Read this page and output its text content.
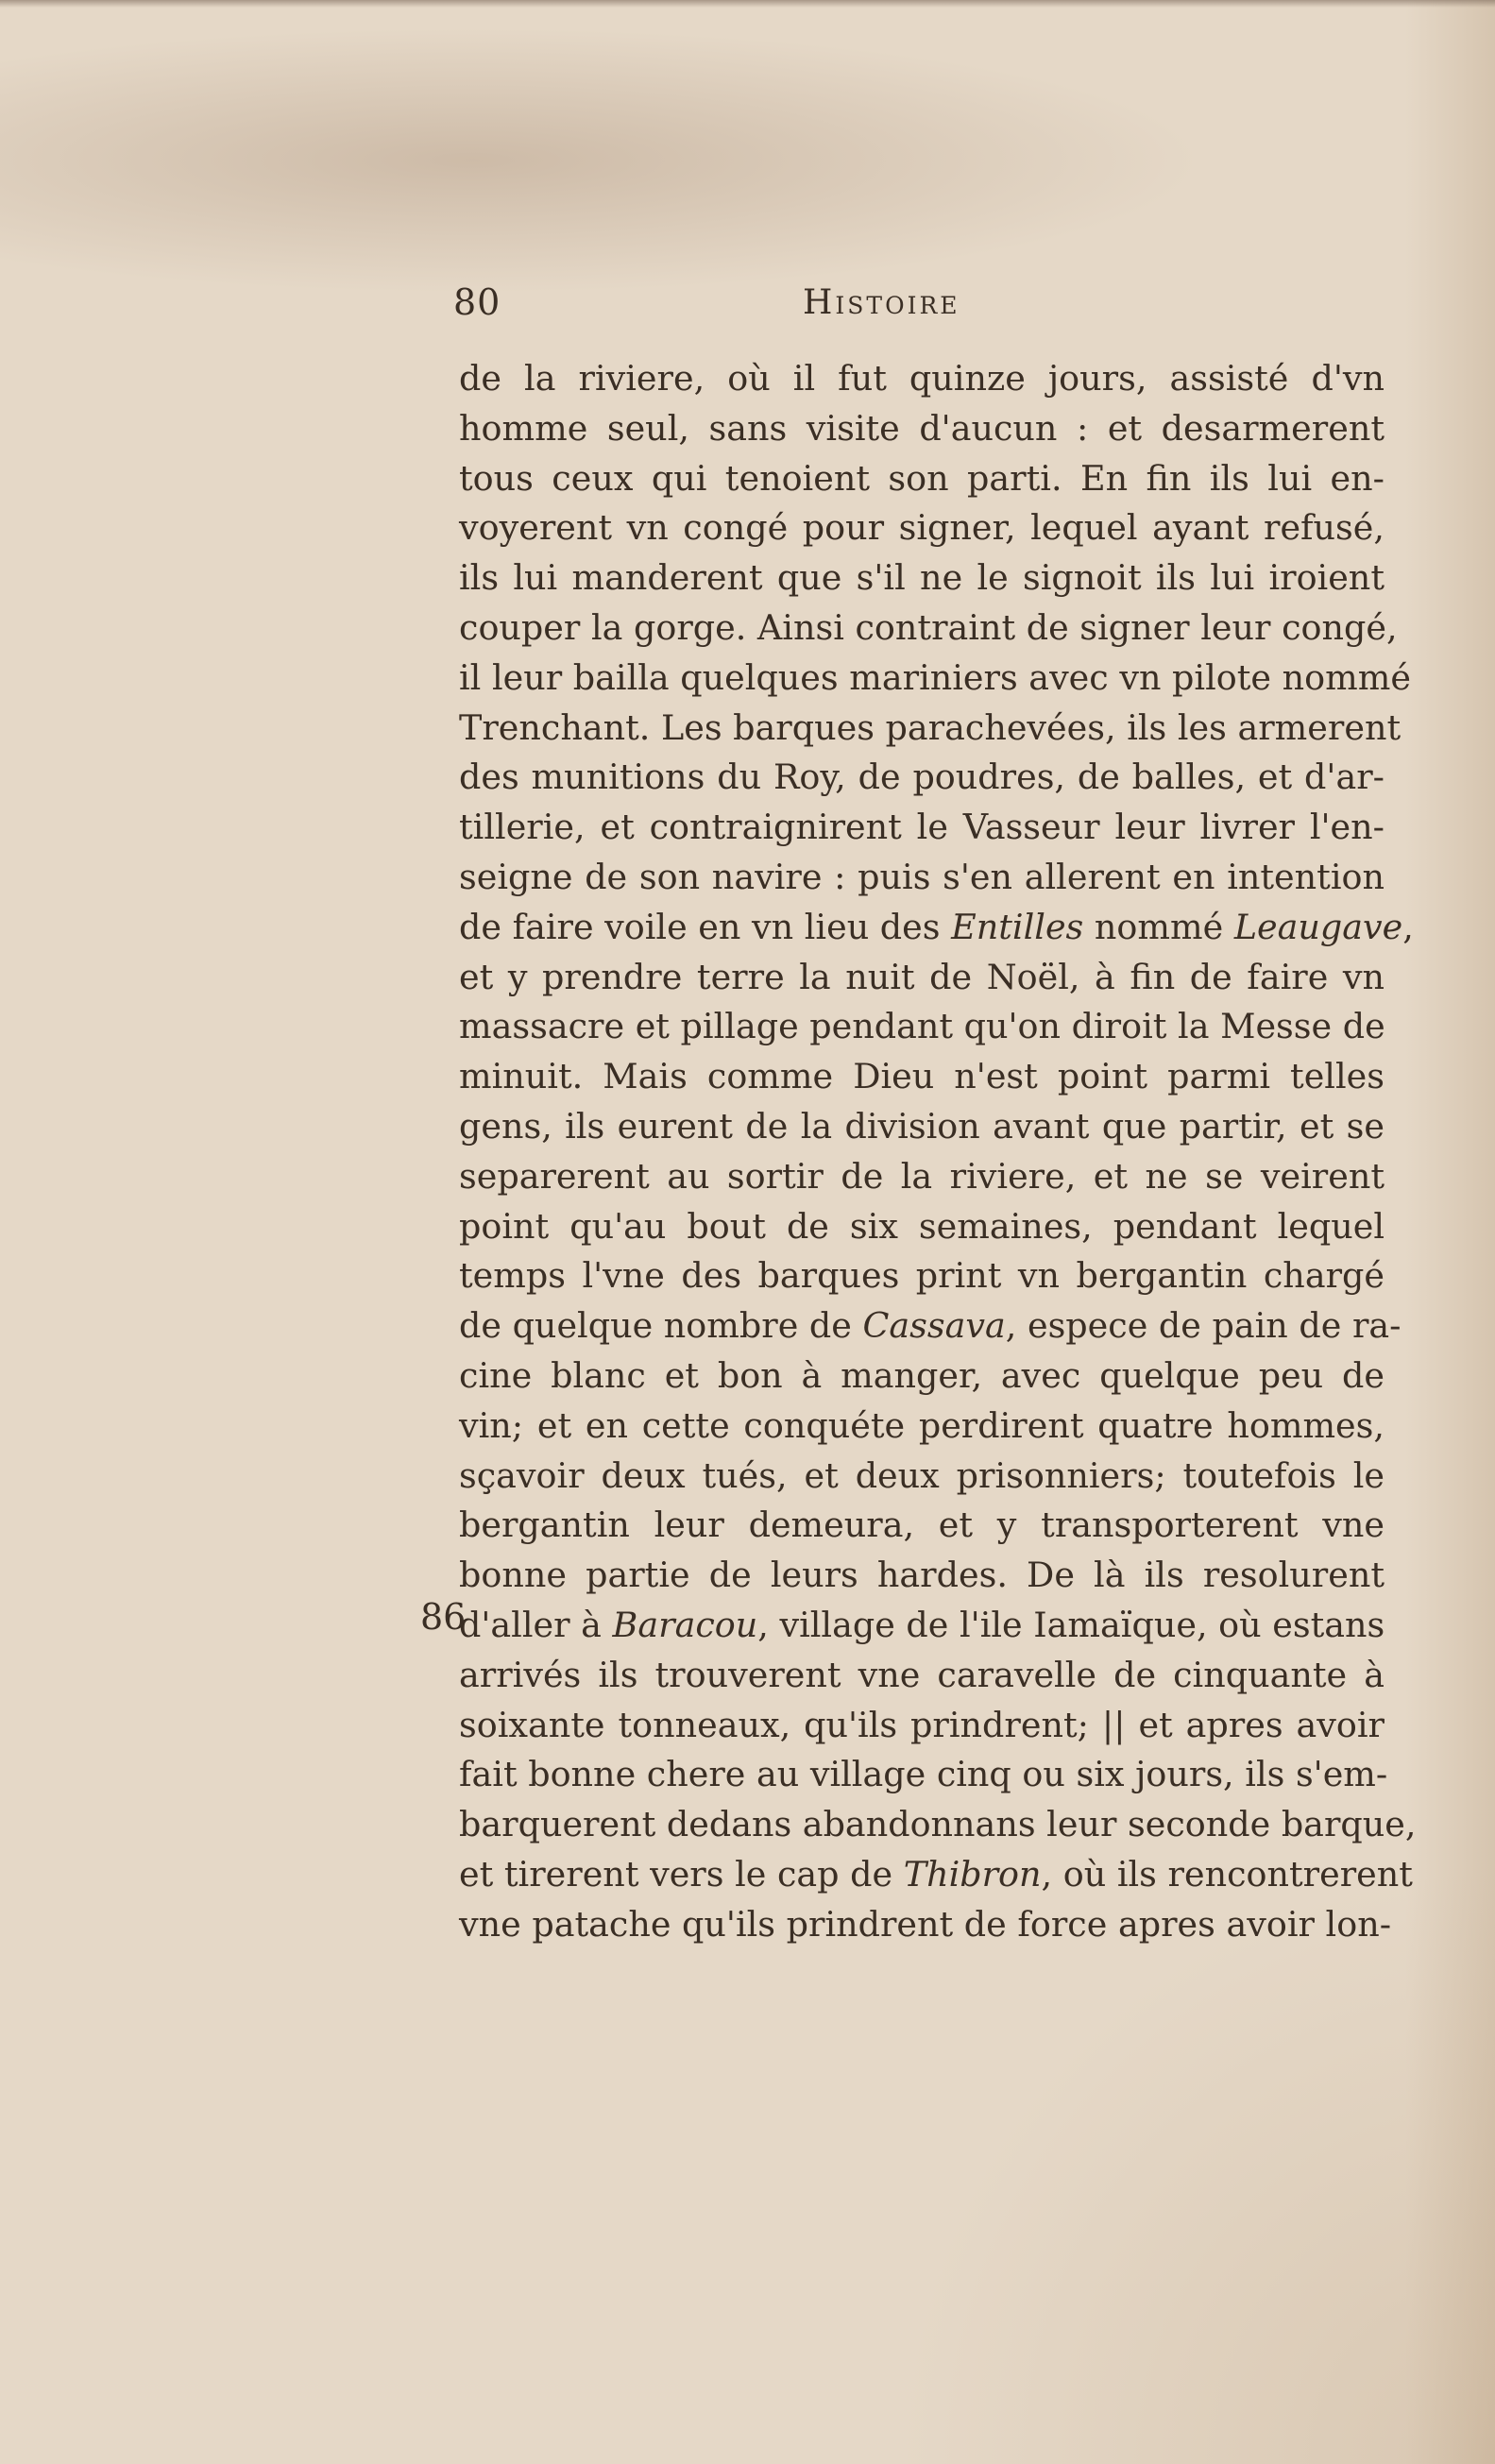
80	Histoire
86
de la riviere, où il fut quinze jours, assisté d'vn
homme seul, sans visite d'aucun : et desarmerent
tous ceux qui tenoient son parti. En fin ils lui en-
voyerent vn congé pour signer, lequel ayant refusé,
ils lui manderent que s'il ne le signoit ils lui iroient
couper la gorge. Ainsi contraint de signer leur congé,
il leur bailla quelques mariniers avec vn pilote nommé
Trenchant. Les barques parachevées, ils les armerent
des munitions du Roy, de poudres, de balles, et d'ar-
tillerie, et contraignirent le Vasseur leur livrer l'en-
seigne de son navire : puis s'en allerent en intention
de faire voile en vn lieu des Entilles nommé Leaugave,
et y prendre terre la nuit de Noël, à fin de faire vn
massacre et pillage pendant qu'on diroit la Messe de
minuit. Mais comme Dieu n'est point parmi telles
gens, ils eurent de la division avant que partir, et se
separerent au sortir de la riviere, et ne se veirent
point qu'au bout de six semaines, pendant lequel
temps l'vne des barques print vn bergantin chargé
de quelque nombre de Cassava, espece de pain de ra-
cine blanc et bon à manger, avec quelque peu de
vin; et en cette conquéte perdirent quatre hommes,
sçavoir deux tués, et deux prisonniers; toutefois le
bergantin leur demeura, et y transporterent vne
bonne partie de leurs hardes. De là ils resolurent
d'aller à Baracou, village de l'ile Iamaïque, où estans
arrivés ils trouverent vne caravelle de cinquante à
soixante tonneaux, qu'ils prindrent; || et apres avoir
fait bonne chere au village cinq ou six jours, ils s'em-
barquerent dedans abandonnans leur seconde barque,
et tirerent vers le cap de Thibron, où ils rencontrerent
vne patache qu'ils prindrent de force apres avoir lon-
